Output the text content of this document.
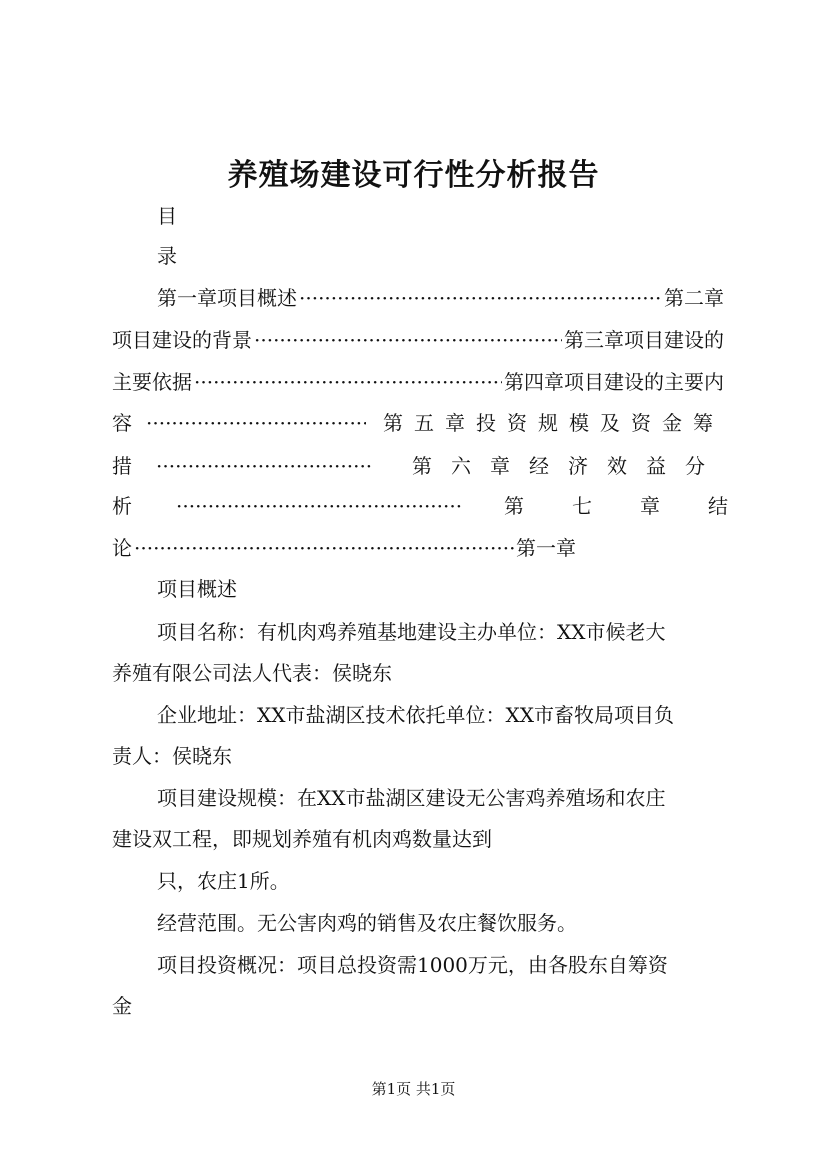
养殖场建设可行性分析报告
目
录
第一章项目概述 ·····	第二章
项目建设的背景 ·····	第三章项目建设的
主要依据 ·····	第四章项目建设的主要内
容 ·····	第五章投资规模及资金筹
措 ·····	第六章经济效益分
析 ·····	第七章结
论 ·····	第一章
项目概述
项目名称：有机肉鸡养殖基地建设主办单位：XX市候老大
养殖有限公司法人代表：侯晓东
企业地址：XX市盐湖区技术依托单位：XX市畜牧局项目负
责人：侯晓东
项目建设规模：在XX市盐湖区建设无公害鸡养殖场和农庄
建设双工程，即规划养殖有机肉鸡数量达到
只，农庄1所。
经营范围。无公害肉鸡的销售及农庄餐饮服务。
项目投资概况：项目总投资需1000万元，由各股东自筹资
金
第1页 共1页
